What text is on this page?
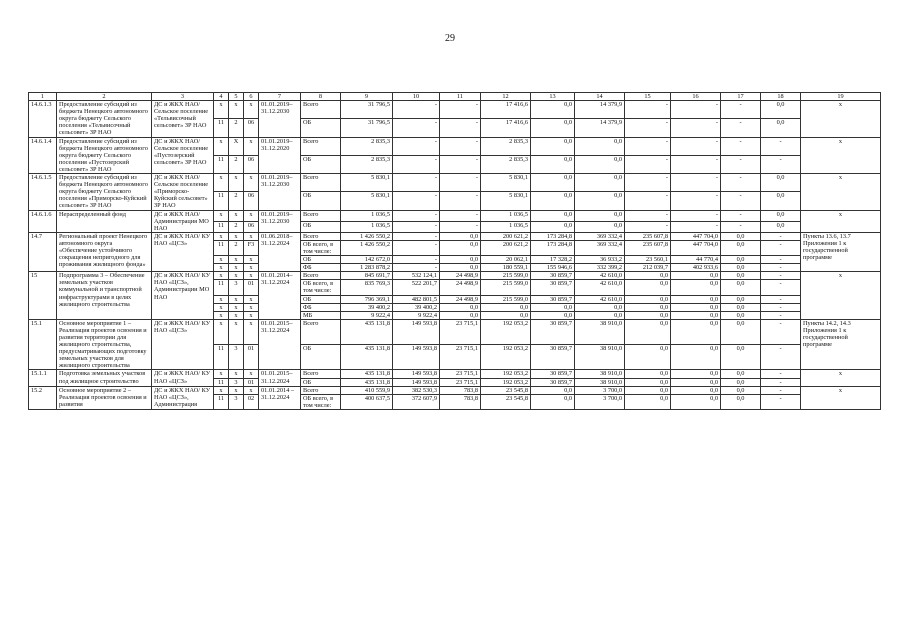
29
1	2	3	4	5	6	7	8	9	10	11	12	13	14	15	16	17	18	19
14.6.1.3	Предоставление субсидий из бюджета Ненецкого автономного округа бюджету Сельского поселения «Тельвисочный сельсовет» ЗР НАО	ДС и ЖКХ НАО/ Сельское поселение «Тельвисочный сельсовет» ЗР НАО	х	х	х	01.01.2019– 31.12.2030	Всего	31 796,5	-	-	17 416,6	0,0	14 379,9	-	-	-	0,0	х
			11	2	06		ОБ	31 796,5	-	-	17 416,6	0,0	14 379,9	-	-	-	0,0	
14.6.1.4	Предоставление субсидий из бюджета Ненецкого автономного округа бюджету Сельского поселения «Пустозерский сельсовет» ЗР НАО	ДС и ЖКХ НАО/ Сельское поселение «Пустозерский сельсовет» ЗР НАО	х	Х	х	01.01.2019– 31.12.2020	Всего	2 835,3	-	-	2 835,3	0,0	0,0	-	-	-	-	х
			11	2	06		ОБ	2 835,3	-	-	2 835,3	0,0	0,0	-	-	-	-	
14.6.1.5	Предоставление субсидий из бюджета Ненецкого автономного округа бюджету Сельского поселения «Приморско-Куйский сельсовет» ЗР НАО	ДС и ЖКХ НАО/ Сельское поселение «Приморско-Куйский сельсовет» ЗР НАО	х	х	х	01.01.2019– 31.12.2030	Всего	5 830,1	-	-	5 830,1	0,0	0,0	-	-	-	0,0	х
			11	2	06		ОБ	5 830,1	-	-	5 830,1	0,0	0,0	-	-	-	0,0	
14.6.1.6	Нераспределенный фонд	ДС и ЖКХ НАО/ Администрация МО НАО	х	х	х	01.01.2019– 31.12.2030	Всего	1 036,5	-	-	1 036,5	0,0	0,0	-	-	-	0,0	х
			11	2	06		ОБ	1 036,5	-	-	1 036,5	0,0	0,0	-	-	-	0,0	
14.7	Региональный проект Ненецкого автономного округа «Обеспечение устойчивого сокращения непригодного для проживания жилищного фонда»	ДС и ЖКХ НАО/ КУ НАО «ЦСЗ»	х	х	х	01.06.2018– 31.12.2024	Всего	1 426 550,2	-	0,0	200 621,2	173 284,8	369 332,4	235 607,8	447 704,0	0,0	-	Пункты 13.6, 13.7 Приложения 1 к государственной программе
			11	2	F3		ОБ всего, в том числе:	1 426 550,2	-	0,0	200 621,2	173 284,8	369 332,4	235 607,8	447 704,0	0,0	-	
			х	х	х		ОБ	142 672,0	-	0,0	20 062,1	17 328,2	36 933,2	23 560,1	44 770,4	0,0	-	
			х	х	х		ФБ	1 283 878,2	-	0,0	180 559,1	155 946,6	332 399,2	212 039,7	402 933,6	0,0	-	
15	Подпрограмма 3 – Обеспечение земельных участков коммунальной и транспортной инфраструктурами в целях жилищного строительства	ДС и ЖКХ НАО/ КУ НАО «ЦСЗ», Администрации МО НАО	х	х	х	01.01.2014– 31.12.2024	Всего	845 691,7	532 124,1	24 498,9	215 599,0	30 859,7	42 610,0	0,0	0,0	0,0	-	х
			11	3	01		ОБ всего, в том числе:	835 769,3	522 201,7	24 498,9	215 599,0	30 859,7	42 610,0	0,0	0,0	0,0	-	
			х	х	х		ОБ	796 369,1	482 801,5	24 498,9	215 599,0	30 859,7	42 610,0	0,0	0,0	0,0	-	
			х	х	х		ФБ	39 400,2	39 400,2	0,0	0,0	0,0	0,0	0,0	0,0	0,0	-	
			х	х	х		МБ	9 922,4	9 922,4	0,0	0,0	0,0	0,0	0,0	0,0	0,0	-	
15.1	Основное мероприятие 1 – Реализация проектов освоения и развития территории для жилищного строительства, предусматривающих подготовку земельных участков для жилищного строительства	ДС и ЖКХ НАО/ КУ НАО «ЦСЗ»	х	х	х	01.01.2015– 31.12.2024	Всего	435 131,8	149 593,8	23 715,1	192 053,2	30 859,7	38 910,0	0,0	0,0	0,0	-	Пункты 14.2, 14.3 Приложения 1 к государственной программе
			11	3	01		ОБ	435 131,8	149 593,8	23 715,1	192 053,2	30 859,7	38 910,0	0,0	0,0	0,0	-	
15.1.1	Подготовка земельных участков под жилищное строительство	ДС и ЖКХ НАО/ КУ НАО «ЦСЗ»	х	х	х	01.01.2015– 31.12.2024	Всего	435 131,8	149 593,8	23 715,1	192 053,2	30 859,7	38 910,0	0,0	0,0	0,0	-	х
			11	3	01		ОБ	435 131,8	149 593,8	23 715,1	192 053,2	30 859,7	38 910,0	0,0	0,0	0,0	-	
15.2	Основное мероприятие 2 – Реализация проектов освоения и развития	ДС и ЖКХ НАО/ КУ НАО «ЦСЗ», Администрация	х	х	х	01.01.2014 – 31.12.2024	Всего	410 559,9	382 530,3	783,8	23 545,8	0,0	3 700,0	0,0	0,0	0,0	-	х
			11	3	02		ОБ всего, в том числе:	400 637,5	372 607,9	783,8	23 545,8	0,0	3 700,0	0,0	0,0	0,0	-	
